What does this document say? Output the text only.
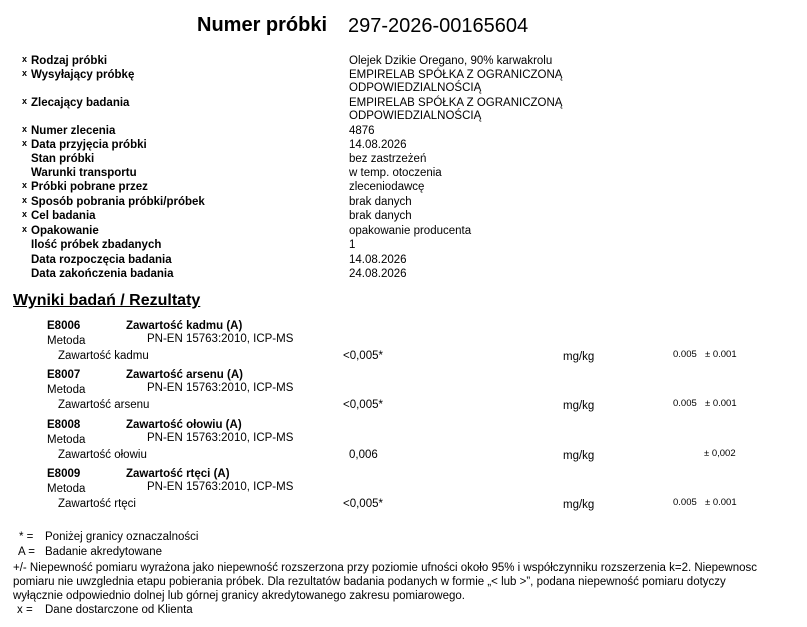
Numer próbki 297-2026-00165604
x Rodzaj próbki	Olejek Dzikie Oregano, 90% karwakrolu
x Wysyłający próbkę	EMPIRELAB SPÓŁKA Z OGRANICZONĄ
ODPOWIEDZIALNOŚCIĄ
x Zlecający badania	EMPIRELAB SPÓŁKA Z OGRANICZONĄ
ODPOWIEDZIALNOŚCIĄ
x Numer zlecenia	4876
x Data przyjęcia próbki	14.08.2026
Stan próbki	bez zastrzeżeń
Warunki transportu	w temp. otoczenia
x Próbki pobrane przez	zleceniodawcę
x Sposób pobrania próbki/próbek	brak danych
x Cel badania	brak danych
x Opakowanie	opakowanie producenta
Ilość próbek zbadanych	1
Data rozpoczęcia badania	14.08.2026
Data zakończenia badania	24.08.2026
Wyniki badań / Rezultaty
E8006	Zawartość kadmu (A)
Metoda	PN-EN 15763:2010, ICP-MS
Zawartość kadmu	<0,005*	mg/kg	0.005 ± 0.001
E8007	Zawartość arsenu (A)
Metoda	PN-EN 15763:2010, ICP-MS
Zawartość arsenu	<0,005*	mg/kg	0.005 ± 0.001
E8008	Zawartość ołowiu (A)
Metoda	PN-EN 15763:2010, ICP-MS
Zawartość ołowiu	0,006	mg/kg	± 0,002
E8009	Zawartość rtęci (A)
Metoda	PN-EN 15763:2010, ICP-MS
Zawartość rtęci	<0,005*	mg/kg	0.005 ± 0.001
* = Poniżej granicy oznaczalności
A = Badanie akredytowane
+/- Niepewność pomiaru wyrażona jako niepewność rozszerzona przy poziomie ufności około 95% i współczynniku rozszerzenia k=2. Niepewnosc
pomiaru nie uwzglednia etapu pobierania próbek. Dla rezultatów badania podanych w formie „< lub >”, podana niepewność pomiaru dotyczy
wyłącznie odpowiednio dolnej lub górnej granicy akredytowanego zakresu pomiarowego.
x = Dane dostarczone od Klienta
